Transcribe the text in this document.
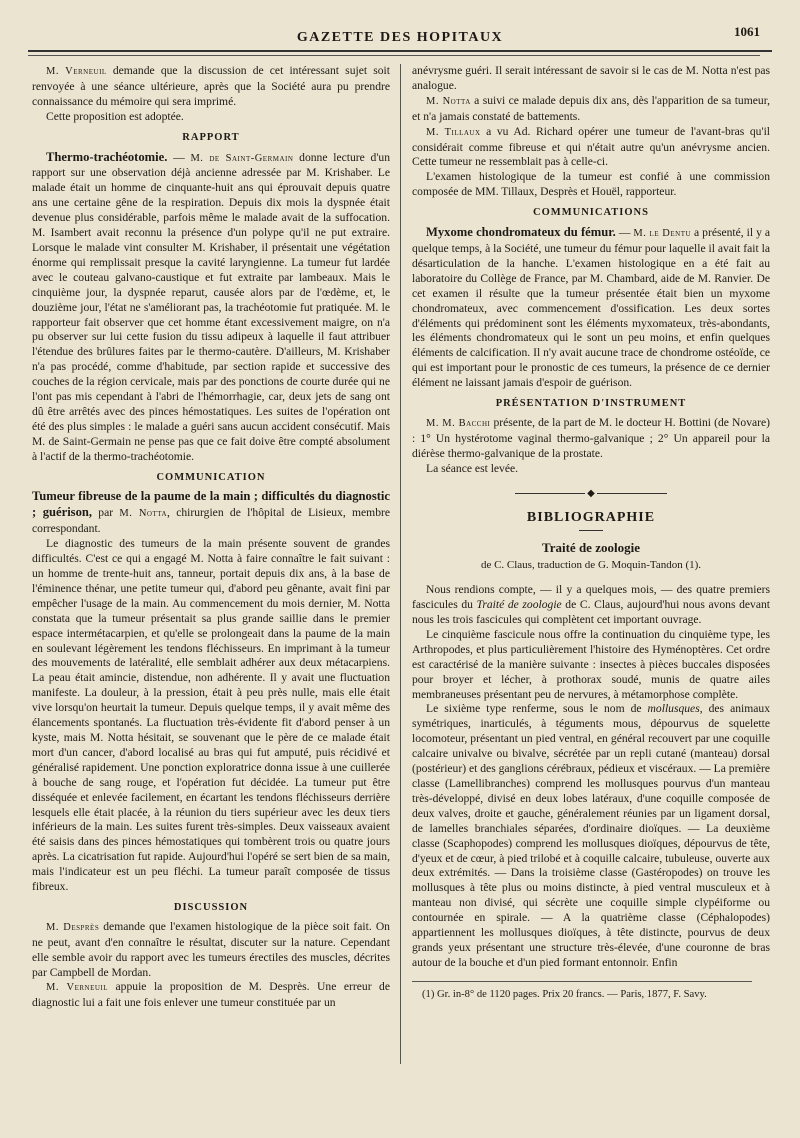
GAZETTE DES HOPITAUX	1061

M. Verneuil demande que la discussion de cet intéressant sujet soit renvoyée à une séance ultérieure, après que la Société aura pu prendre connaissance du mémoire qui sera imprimé.

Cette proposition est adoptée.

RAPPORT

Thermo-trachéotomie. — M. de Saint-Germain donne lecture d'un rapport sur une observation déjà ancienne adressée par M. Krishaber. Le malade était un homme de cinquante-huit ans qui éprouvait depuis quatre ans une certaine gêne de la respiration. Depuis dix mois la dyspnée était devenue plus considérable, parfois même le malade avait de la suffocation. M. Isambert avait reconnu la présence d'un polype qu'il ne put extraire. Lorsque le malade vint consulter M. Krishaber, il présentait une végétation énorme qui remplissait presque la cavité laryngienne. La tumeur fut lardée avec le couteau galvano-caustique et fut extraite par lambeaux. Mais le cinquième jour, la dyspnée reparut, causée alors par de l'œdème, et, le douzième jour, l'état ne s'améliorant pas, la trachéotomie fut pratiquée. M. le rapporteur fait observer que cet homme étant excessivement maigre, on n'a pu observer sur lui cette fusion du tissu adipeux à laquelle il faut attribuer l'étendue des brûlures faites par le thermo-cautère. D'ailleurs, M. Krishaber n'a pas procédé, comme d'habitude, par section rapide et successive des couches de la région cervicale, mais par des ponctions de courte durée qui ne l'ont pas mis cependant à l'abri de l'hémorrhagie, car, deux jets de sang ont dû être arrêtés avec des pinces hémostatiques. Les suites de l'opération ont été des plus simples : le malade a guéri sans aucun accident consécutif. Mais M. de Saint-Germain ne pense pas que ce fait doive être compté absolument à l'actif de la thermo-trachéotomie.

COMMUNICATION

Tumeur fibreuse de la paume de la main ; difficultés du diagnostic ; guérison, par M. Notta, chirurgien de l'hôpital de Lisieux, membre correspondant.

Le diagnostic des tumeurs de la main présente souvent de grandes difficultés. C'est ce qui a engagé M. Notta à faire connaître le fait suivant : un homme de trente-huit ans, tanneur, portait depuis dix ans, à la base de l'éminence thénar, une petite tumeur qui, d'abord peu gênante, avait fini par empêcher l'usage de la main. Au commencement du mois dernier, M. Notta constata que la tumeur présentait sa plus grande saillie dans le premier espace intermétacarpien, et qu'elle se prolongeait dans la paume de la main en soulevant légèrement les tendons fléchisseurs. En imprimant à la tumeur des mouvements de latéralité, elle semblait adhérer aux deux métacarpiens. La peau était amincie, distendue, non adhérente. Il y avait une fluctuation manifeste. La douleur, à la pression, était à peu près nulle, mais elle était vive lorsqu'on heurtait la tumeur. Depuis quelque temps, il y avait même des élancements spontanés. La fluctuation très-évidente fit d'abord penser à un kyste, mais M. Notta hésitait, se souvenant que le père de ce malade était mort d'un cancer, d'abord localisé au bras qui fut amputé, puis récidivé et généralisé rapidement. Une ponction exploratrice donna issue à une cuillerée à bouche de sang rouge, et l'opération fut décidée. La tumeur put être disséquée et enlevée facilement, en écartant les tendons fléchisseurs derrière lesquels elle était placée, à la réunion du tiers supérieur avec les deux tiers inférieurs de la main. Les suites furent très-simples. Deux vaisseaux avaient été saisis dans des pinces hémostatiques qui tombèrent trois ou quatre jours après. La cicatrisation fut rapide. Aujourd'hui l'opéré se sert bien de sa main, mais l'indicateur est un peu fléchi. La tumeur paraît composée de tissus fibreux.

DISCUSSION

M. Desprès demande que l'examen histologique de la pièce soit fait. On ne peut, avant d'en connaître le résultat, discuter sur la nature. Cependant elle semble avoir du rapport avec les tumeurs érectiles des muscles, décrites par Campbell de Mordan.

M. Verneuil appuie la proposition de M. Desprès. Une erreur de diagnostic lui a fait une fois enlever une tumeur constituée par un

anévrysme guéri. Il serait intéressant de savoir si le cas de M. Notta n'est pas analogue.

M. Notta a suivi ce malade depuis dix ans, dès l'apparition de sa tumeur, et n'a jamais constaté de battements.

M. Tillaux a vu Ad. Richard opérer une tumeur de l'avant-bras qu'il considérait comme fibreuse et qui n'était autre qu'un anévrysme ancien. Cette tumeur ne ressemblait pas à celle-ci.

L'examen histologique de la tumeur est confié à une commission composée de MM. Tillaux, Desprès et Houël, rapporteur.

COMMUNICATIONS

Myxome chondromateux du fémur. — M. le Dentu a présenté, il y a quelque temps, à la Société, une tumeur du fémur pour laquelle il avait fait la désarticulation de la hanche. L'examen histologique en a été fait au laboratoire du Collège de France, par M. Chambard, aide de M. Ranvier. De cet examen il résulte que la tumeur présentée était bien un myxome chondromateux, avec commencement d'ossification. Les deux sortes d'éléments qui prédominent sont les éléments myxomateux, très-abondants, les éléments chondromateux qui le sont un peu moins, et enfin quelques éléments de calcification. Il n'y avait aucune trace de chondrome ostéoïde, ce qui est important pour le pronostic de ces tumeurs, la présence de ce dernier élément ne laissant jamais d'espoir de guérison.

PRÉSENTATION D'INSTRUMENT

M. M. Bacchi présente, de la part de M. le docteur H. Bottini (de Novare) : 1° Un hystérotome vaginal thermo-galvanique ; 2° Un appareil pour la diérèse thermo-galvanique de la prostate.

La séance est levée.

◆
BIBLIOGRAPHIE
Traité de zoologie
de C. Claus, traduction de G. Moquin-Tandon (1).

Nous rendions compte, — il y a quelques mois, — des quatre premiers fascicules du Traité de zoologie de C. Claus, aujourd'hui nous avons devant nous les trois fascicules qui complètent cet important ouvrage.

Le cinquième fascicule nous offre la continuation du cinquième type, les Arthropodes, et plus particulièrement l'histoire des Hyménoptères. Cet ordre est caractérisé de la manière suivante : insectes à pièces buccales disposées pour broyer et lécher, à prothorax soudé, munis de quatre ailes membraneuses présentant peu de nervures, à métamorphose complète.

Le sixième type renferme, sous le nom de mollusques, des animaux symétriques, inarticulés, à téguments mous, dépourvus de squelette locomoteur, présentant un pied ventral, en général recouvert par une coquille calcaire univalve ou bivalve, sécrétée par un repli cutané (manteau) dorsal (postérieur) et des ganglions cérébraux, pédieux et viscéraux. — La première classe (Lamellibranches) comprend les mollusques pourvus d'un manteau très-développé, divisé en deux lobes latéraux, d'une coquille composée de deux valves, droite et gauche, généralement réunies par un ligament dorsal, de lamelles branchiales séparées, d'ordinaire dioïques. — La deuxième classe (Scaphopodes) comprend les mollusques dioïques, dépourvus de tête, d'yeux et de cœur, à pied trilobé et à coquille calcaire, tubuleuse, ouverte aux deux extrémités. — Dans la troisième classe (Gastéropodes) on trouve les mollusques à tête plus ou moins distincte, à pied ventral musculeux et à manteau non divisé, qui sécrète une coquille simple clypéiforme ou contournée en spirale. — A la quatrième classe (Céphalopodes) appartiennent les mollusques dioïques, à tête distincte, pourvus de deux grands yeux présentant une structure très-élevée, d'une couronne de bras autour de la bouche et d'un pied formant entonnoir. Enfin

(1) Gr. in-8° de 1120 pages. Prix 20 francs. — Paris, 1877, F. Savy.
